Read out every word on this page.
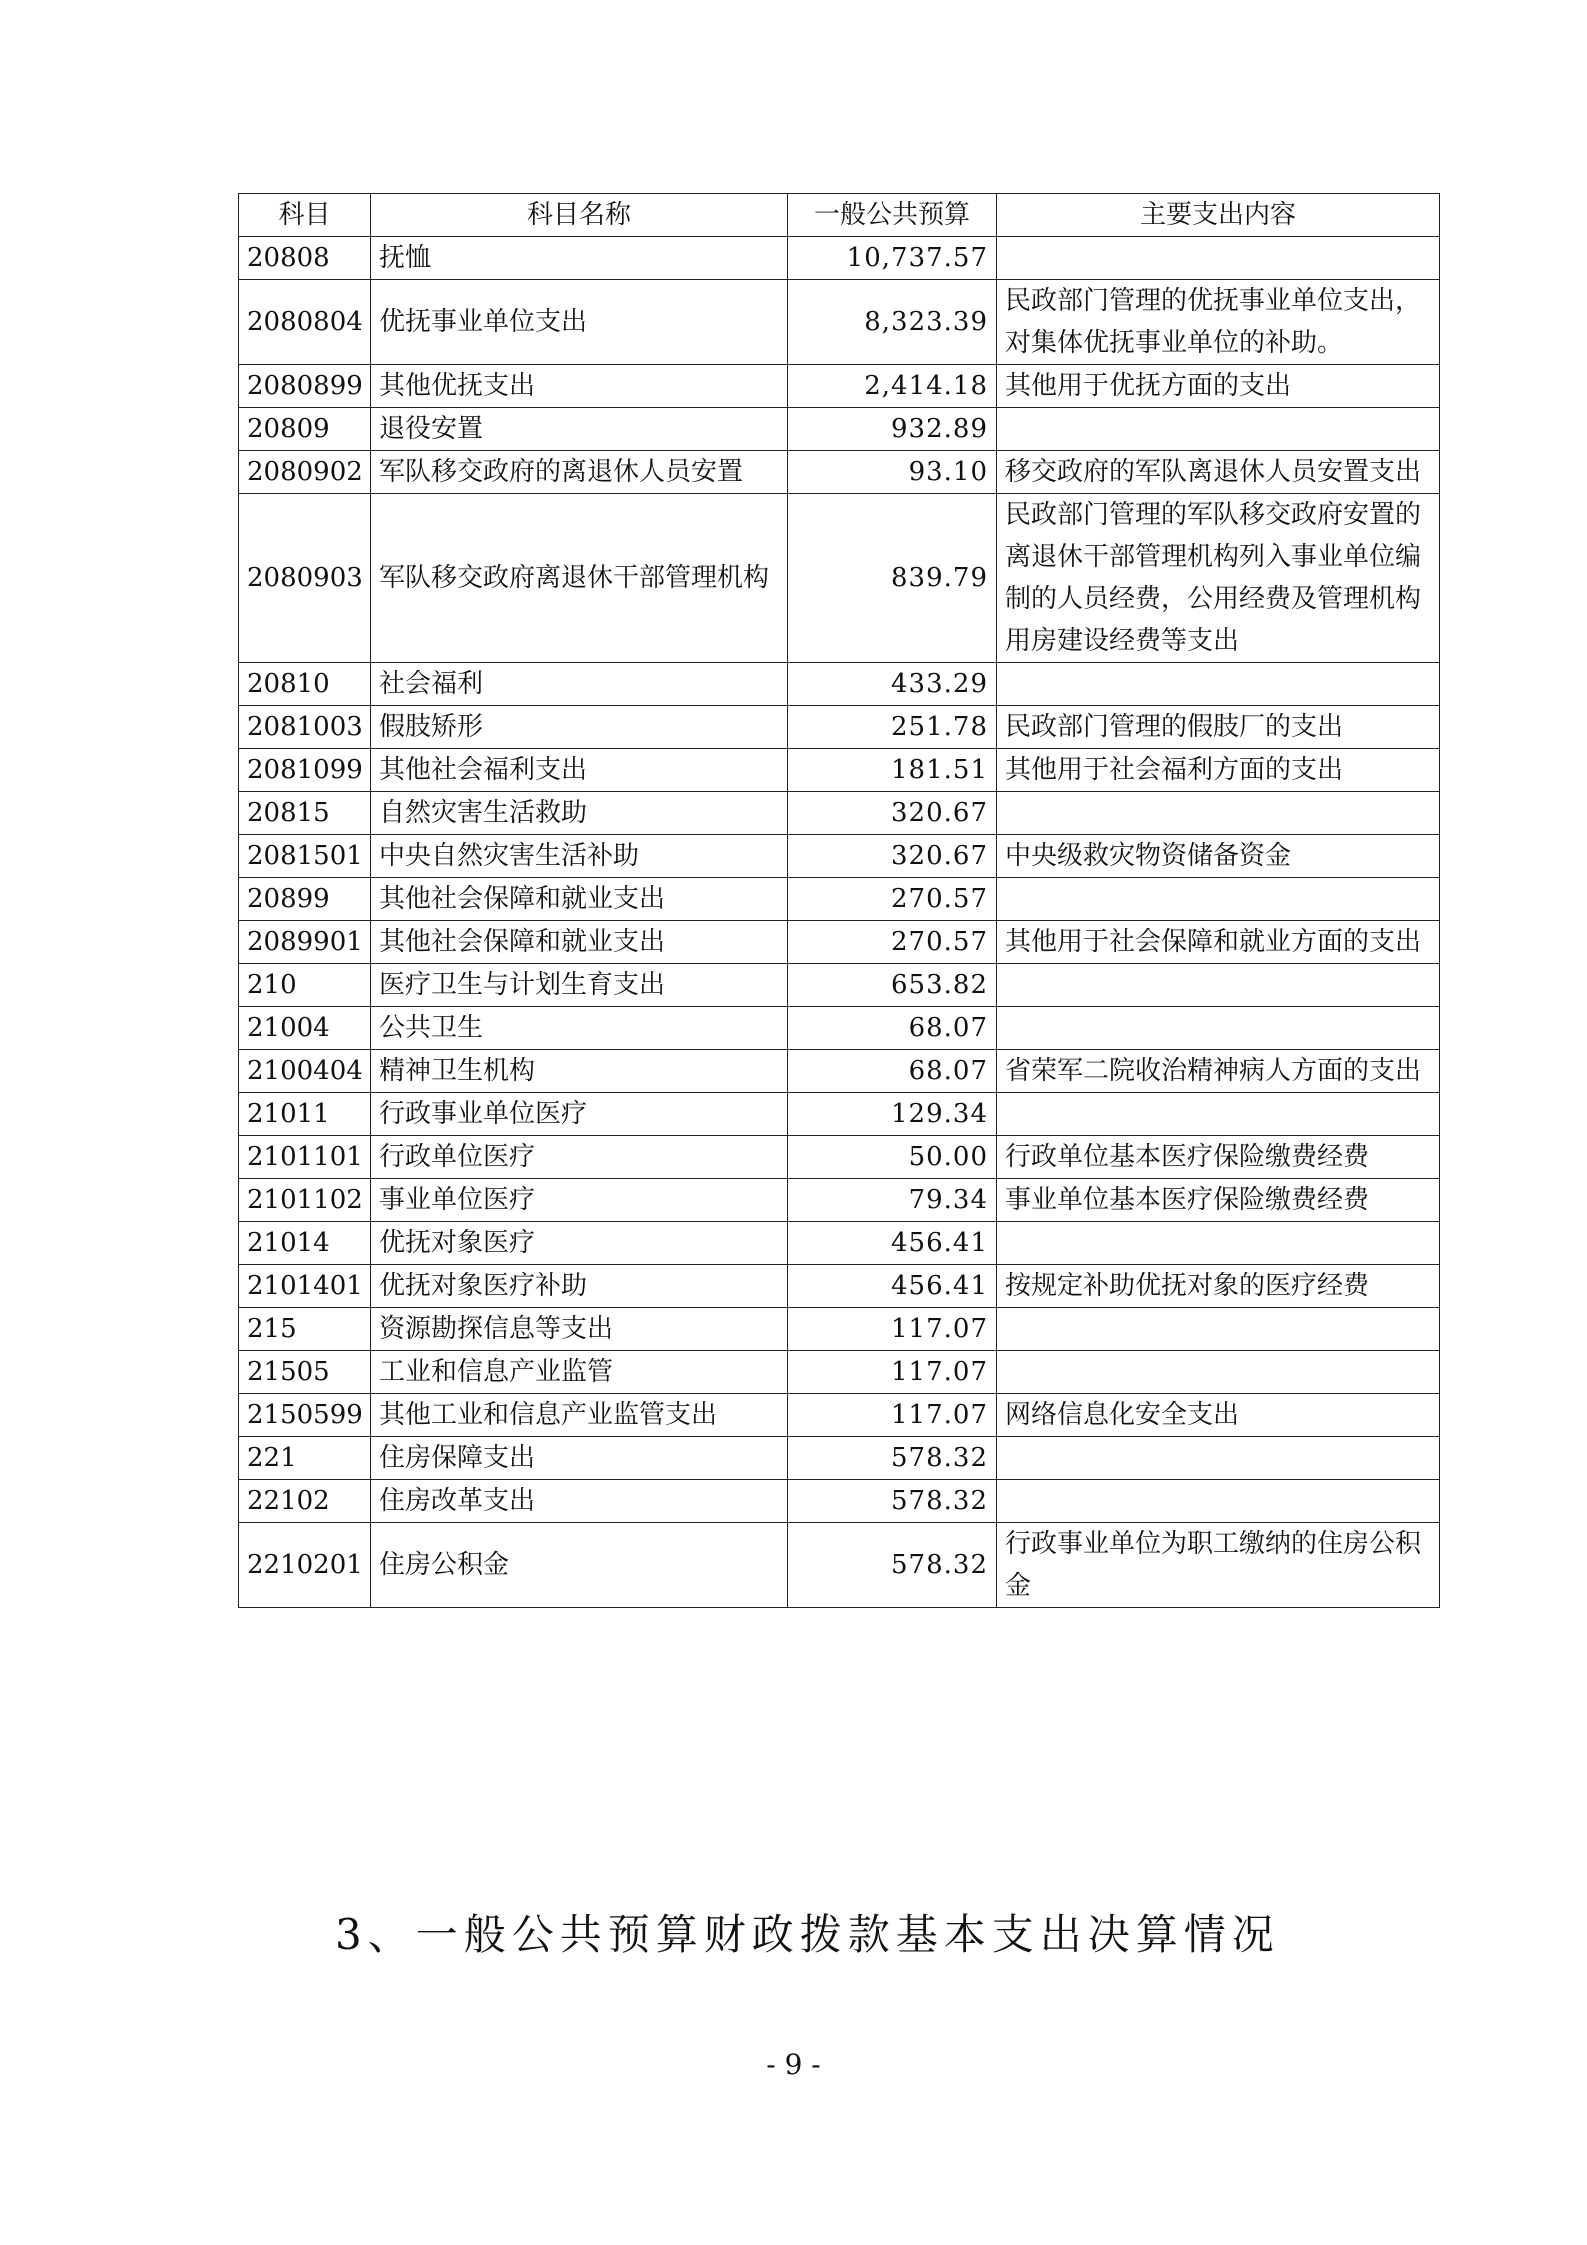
科目	科目名称	一般公共预算	主要支出内容
20808	抚恤	10,737.57	
2080804	优抚事业单位支出	8,323.39	民政部门管理的优抚事业单位支出，对集体优抚事业单位的补助。
2080899	其他优抚支出	2,414.18	其他用于优抚方面的支出
20809	退役安置	932.89	
2080902	军队移交政府的离退休人员安置	93.10	移交政府的军队离退休人员安置支出
2080903	军队移交政府离退休干部管理机构	839.79	民政部门管理的军队移交政府安置的离退休干部管理机构列入事业单位编制的人员经费，公用经费及管理机构用房建设经费等支出
20810	社会福利	433.29	
2081003	假肢矫形	251.78	民政部门管理的假肢厂的支出
2081099	其他社会福利支出	181.51	其他用于社会福利方面的支出
20815	自然灾害生活救助	320.67	
2081501	中央自然灾害生活补助	320.67	中央级救灾物资储备资金
20899	其他社会保障和就业支出	270.57	
2089901	其他社会保障和就业支出	270.57	其他用于社会保障和就业方面的支出
210	医疗卫生与计划生育支出	653.82	
21004	公共卫生	68.07	
2100404	精神卫生机构	68.07	省荣军二院收治精神病人方面的支出
21011	行政事业单位医疗	129.34	
2101101	行政单位医疗	50.00	行政单位基本医疗保险缴费经费
2101102	事业单位医疗	79.34	事业单位基本医疗保险缴费经费
21014	优抚对象医疗	456.41	
2101401	优抚对象医疗补助	456.41	按规定补助优抚对象的医疗经费
215	资源勘探信息等支出	117.07	
21505	工业和信息产业监管	117.07	
2150599	其他工业和信息产业监管支出	117.07	网络信息化安全支出
221	住房保障支出	578.32	
22102	住房改革支出	578.32	
2210201	住房公积金	578.32	行政事业单位为职工缴纳的住房公积金
3、一般公共预算财政拨款基本支出决算情况
- 9 -
